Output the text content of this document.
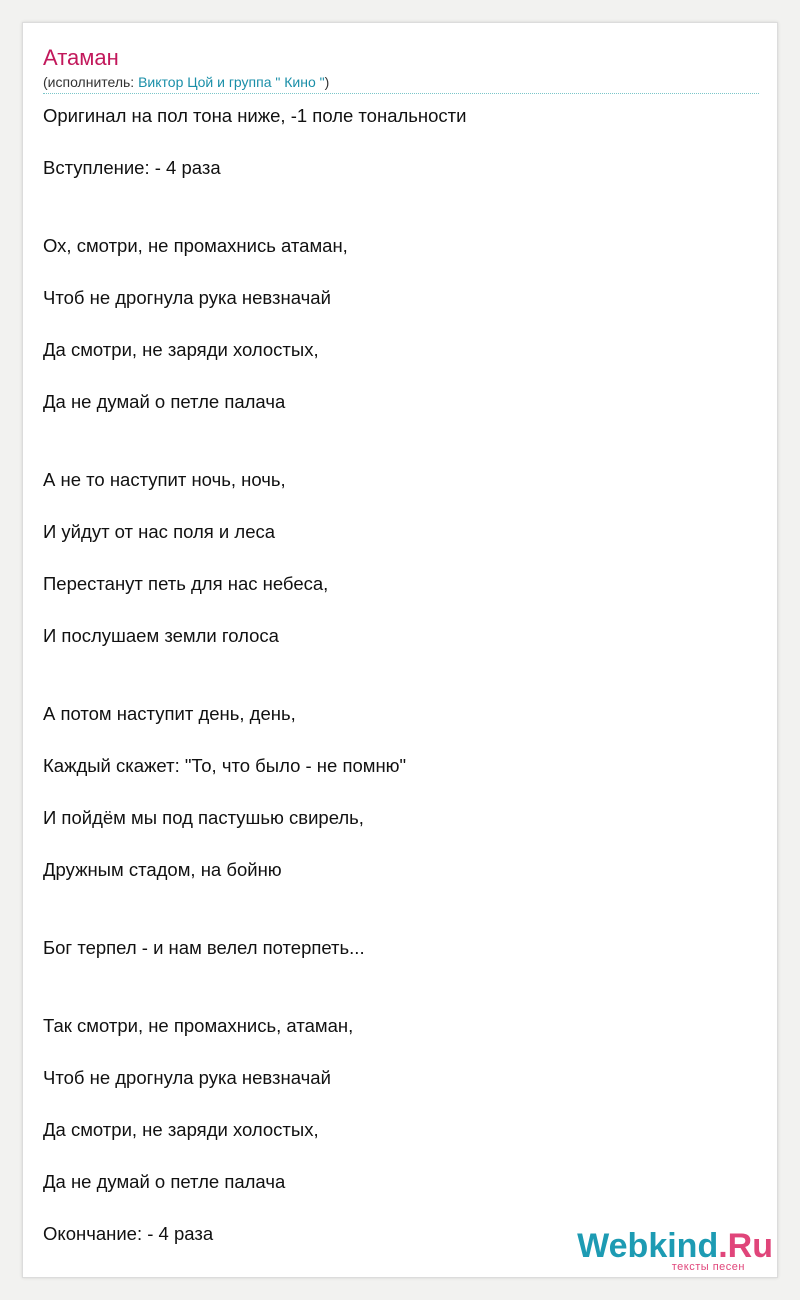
Атаман
(исполнитель: Виктор Цой и группа " Кино ")
Оригинал на пол тона ниже, -1 поле тональности
Вступление: - 4 раза
Ох, смотри, не промахнись атаман,
Чтоб не дрогнула рука невзначай
Да смотри, не заряди холостых,
Да не думай о петле палача
А не то наступит ночь, ночь,
И уйдут от нас поля и леса
Перестанут петь для нас небеса,
И послушаем земли голоса
А потом наступит день, день,
Каждый скажет: "То, что было - не помню"
И пойдём мы под пастушью свирель,
Дружным стадом, на бойню
Бог терпел - и нам велел потерпеть...
Так смотри, не промахнись, атаман,
Чтоб не дрогнула рука невзначай
Да смотри, не заряди холостых,
Да не думай о петле палача
Окончание: - 4 раза	Webkind.Ru
тексты песен
